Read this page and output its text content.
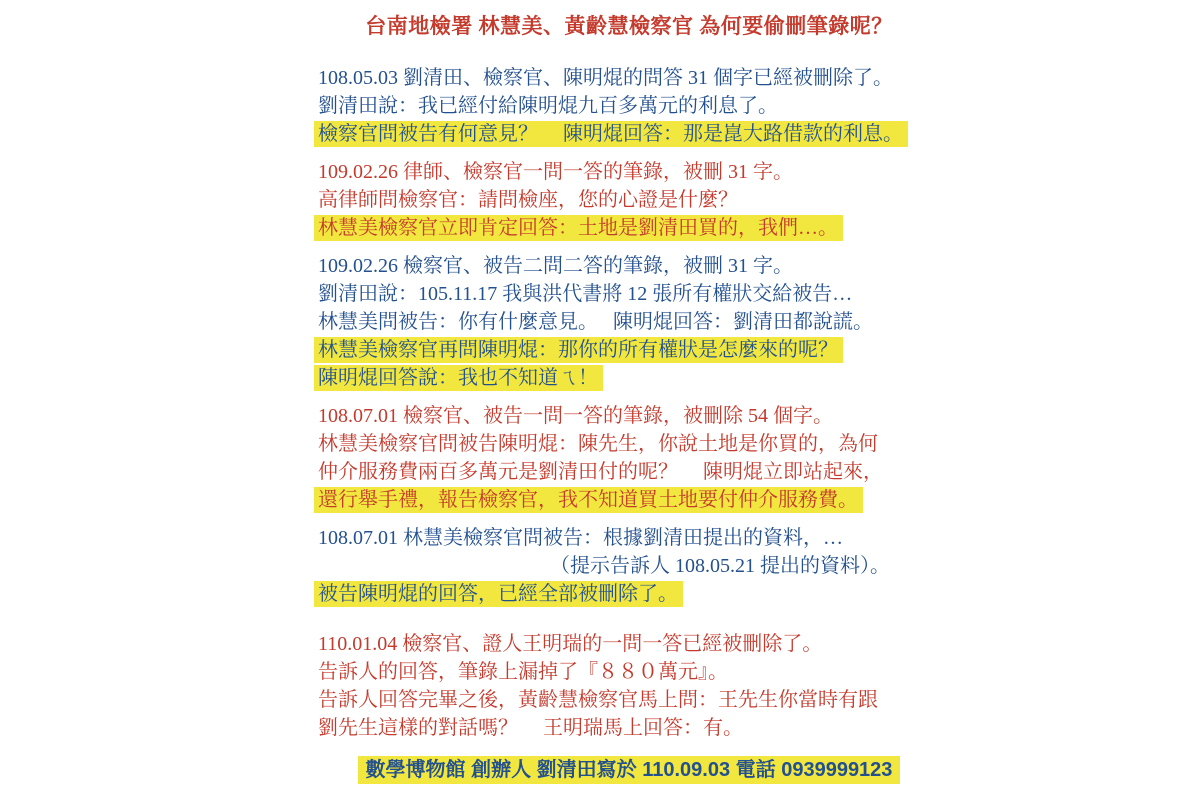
台南地檢署 林慧美、黃齡慧檢察官 為何要偷刪筆錄呢？
108.05.03 劉清田、檢察官、陳明焜的問答 31 個字已經被刪除了。
劉清田說：我已經付給陳明焜九百多萬元的利息了。
檢察官問被告有何意見？　 陳明焜回答：那是崑大路借款的利息。
109.02.26 律師、檢察官一問一答的筆錄，被刪 31 字。
高律師問檢察官：請問檢座，您的心證是什麼？
林慧美檢察官立即肯定回答：土地是劉清田買的，我們…。
109.02.26 檢察官、被告二問二答的筆錄，被刪 31 字。
劉清田說：105.11.17 我與洪代書將 12 張所有權狀交給被告…
林慧美問被告：你有什麼意見。　 陳明焜回答：劉清田都說謊。
林慧美檢察官再問陳明焜：那你的所有權狀是怎麼來的呢？
陳明焜回答說：我也不知道ㄟ！
108.07.01 檢察官、被告一問一答的筆錄，被刪除 54 個字。
林慧美檢察官問被告陳明焜：陳先生，你說土地是你買的，為何
仲介服務費兩百多萬元是劉清田付的呢？　 陳明焜立即站起來，
還行舉手禮，報告檢察官，我不知道買土地要付仲介服務費。
108.07.01 林慧美檢察官問被告：根據劉清田提出的資料，…
（提示告訴人 108.05.21 提出的資料）。
被告陳明焜的回答，已經全部被刪除了。
110.01.04 檢察官、證人王明瑞的一問一答已經被刪除了。
告訴人的回答，筆錄上漏掉了『８８０萬元』。
告訴人回答完畢之後，黃齡慧檢察官馬上問：王先生你當時有跟
劉先生這樣的對話嗎？　 王明瑞馬上回答：有。
數學博物館 創辦人 劉清田寫於 110.09.03 電話 0939999123
